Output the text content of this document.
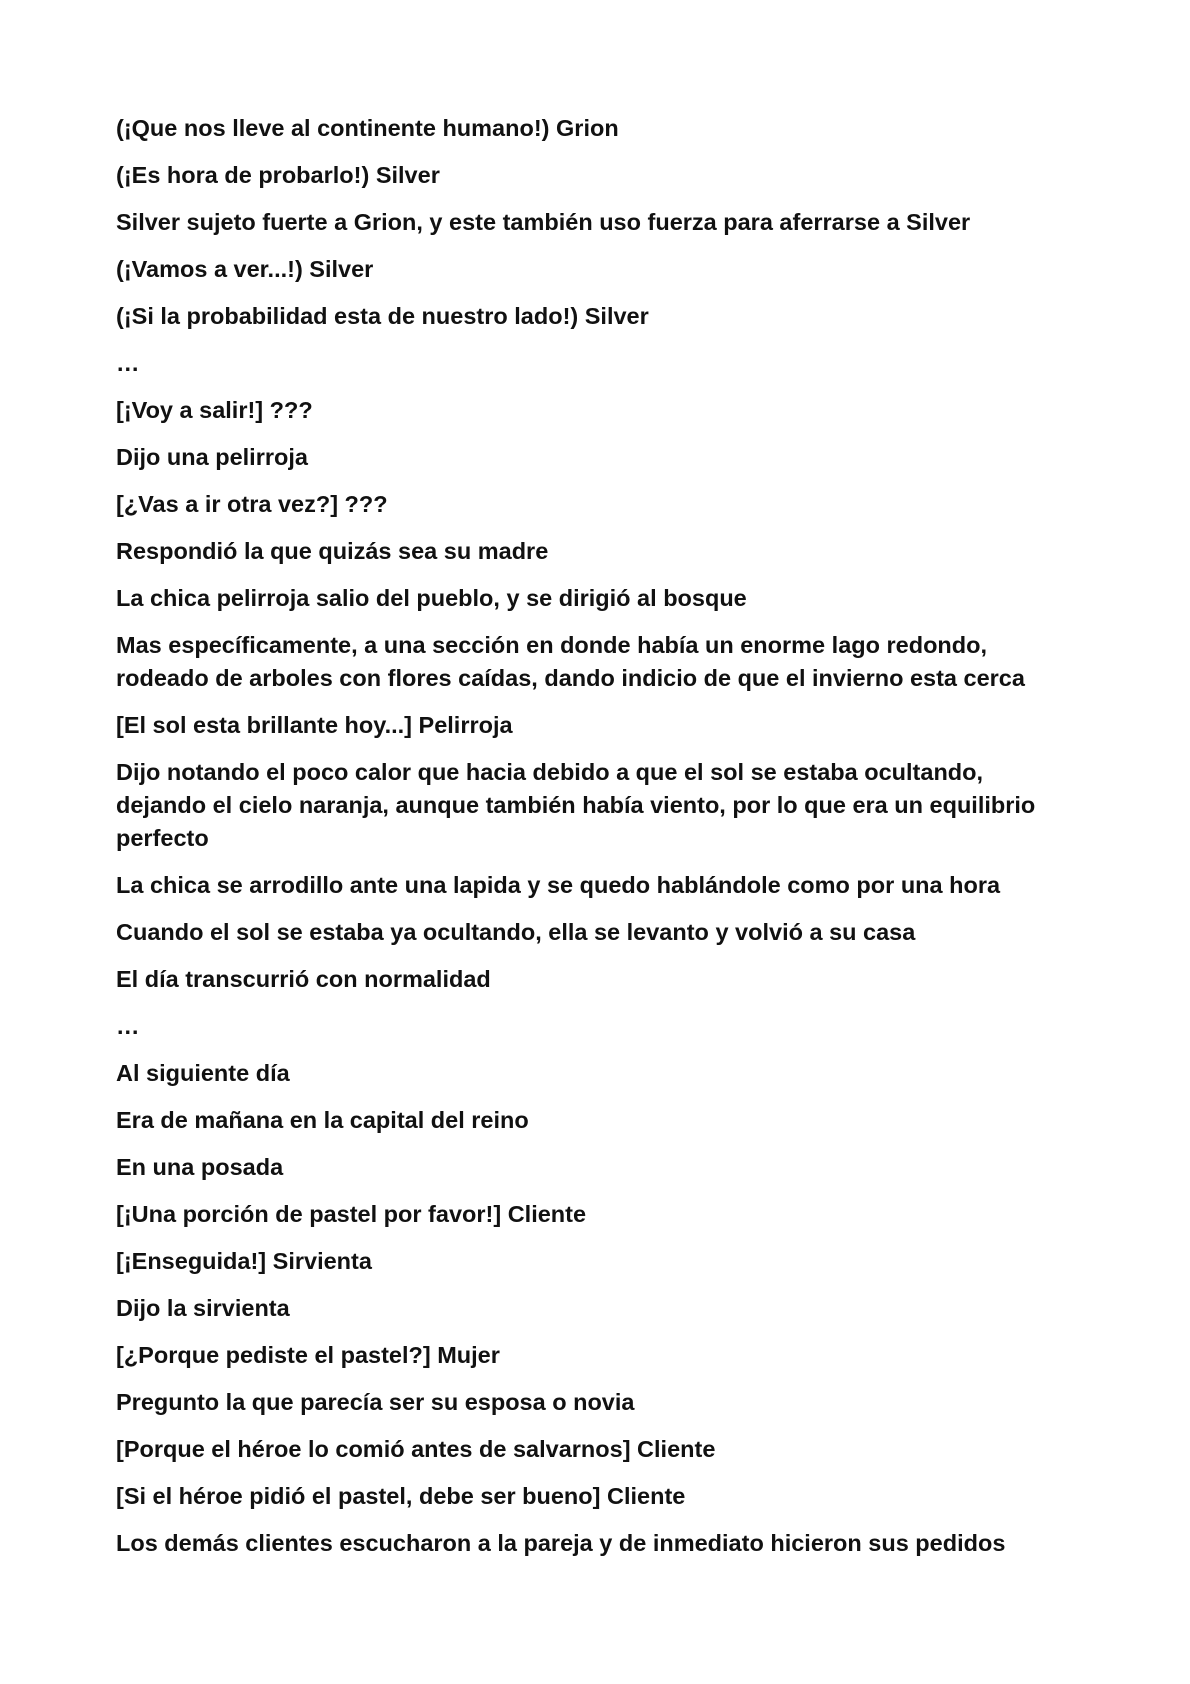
(¡Que nos lleve al continente humano!) Grion

(¡Es hora de probarlo!) Silver

Silver sujeto fuerte a Grion, y este también uso fuerza para aferrarse a Silver

(¡Vamos a ver...!) Silver

(¡Si la probabilidad esta de nuestro lado!) Silver

…

[¡Voy a salir!] ???

Dijo una pelirroja

[¿Vas a ir otra vez?] ???

Respondió la que quizás sea su madre

La chica pelirroja salio del pueblo, y se dirigió al bosque

Mas específicamente, a una sección en donde había un enorme lago redondo, rodeado de arboles con flores caídas, dando indicio de que el invierno esta cerca

[El sol esta brillante hoy...] Pelirroja

Dijo notando el poco calor que hacia debido a que el sol se estaba ocultando, dejando el cielo naranja, aunque también había viento, por lo que era un equilibrio perfecto

La chica se arrodillo ante una lapida y se quedo hablándole como por una hora

Cuando el sol se estaba ya ocultando, ella se levanto y volvió a su casa

El día transcurrió con normalidad

…

Al siguiente día

Era de mañana en la capital del reino

En una posada

[¡Una porción de pastel por favor!] Cliente

[¡Enseguida!] Sirvienta

Dijo la sirvienta

[¿Porque pediste el pastel?] Mujer

Pregunto la que parecía ser su esposa o novia

[Porque el héroe lo comió antes de salvarnos] Cliente

[Si el héroe pidió el pastel, debe ser bueno] Cliente

Los demás clientes escucharon a la pareja y de inmediato hicieron sus pedidos
